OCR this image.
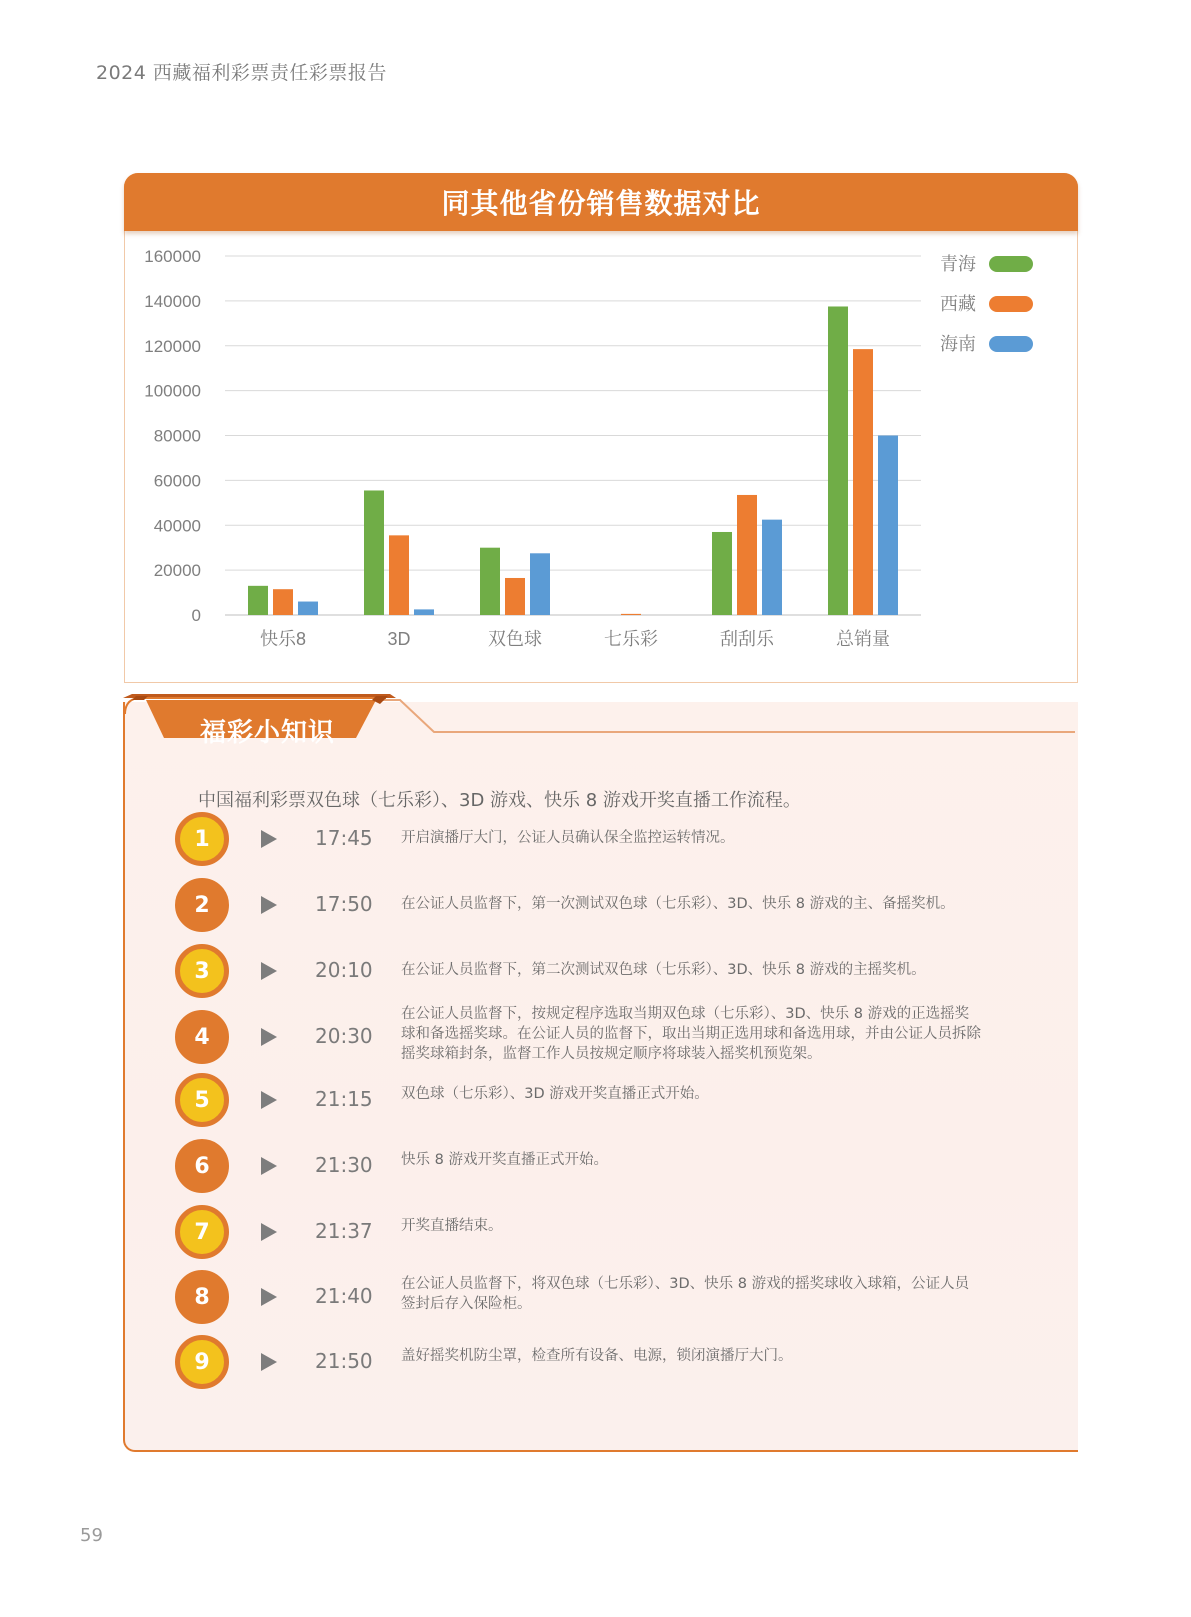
2024 西藏福利彩票责任彩票报告
同其他省份销售数据对比
0
20000
40000
60000
80000
100000
120000
140000
160000
快乐8	3D	双色球	七乐彩	刮刮乐	总销量
青海
西藏
海南
福彩小知识
中国福利彩票双色球（七乐彩）、3D 游戏、快乐 8 游戏开奖直播工作流程。
1	17:45 开启演播厅大门，公证人员确认保全监控运转情况。
2	17:50 在公证人员监督下，第一次测试双色球（七乐彩）、3D、快乐 8 游戏的主、备摇奖机。
3	20:10 在公证人员监督下，第二次测试双色球（七乐彩）、3D、快乐 8 游戏的主摇奖机。
4	20:30
在公证人员监督下，按规定程序选取当期双色球（七乐彩）、3D、快乐 8 游戏的正选摇奖球和备选摇奖球。在公证人员的监督下，取出当期正选用球和备选用球，并由公证人员拆除摇奖球箱封条，监督工作人员按规定顺序将球装入摇奖机预览架。
5	21:15 双色球（七乐彩）、3D 游戏开奖直播正式开始。
6	21:30 快乐 8 游戏开奖直播正式开始。
7	21:37 开奖直播结束。
8	21:40 在公证人员监督下，将双色球（七乐彩）、3D、快乐 8 游戏的摇奖球收入球箱，公证人员签封后存入保险柜。
9	21:50 盖好摇奖机防尘罩，检查所有设备、电源，锁闭演播厅大门。
59
